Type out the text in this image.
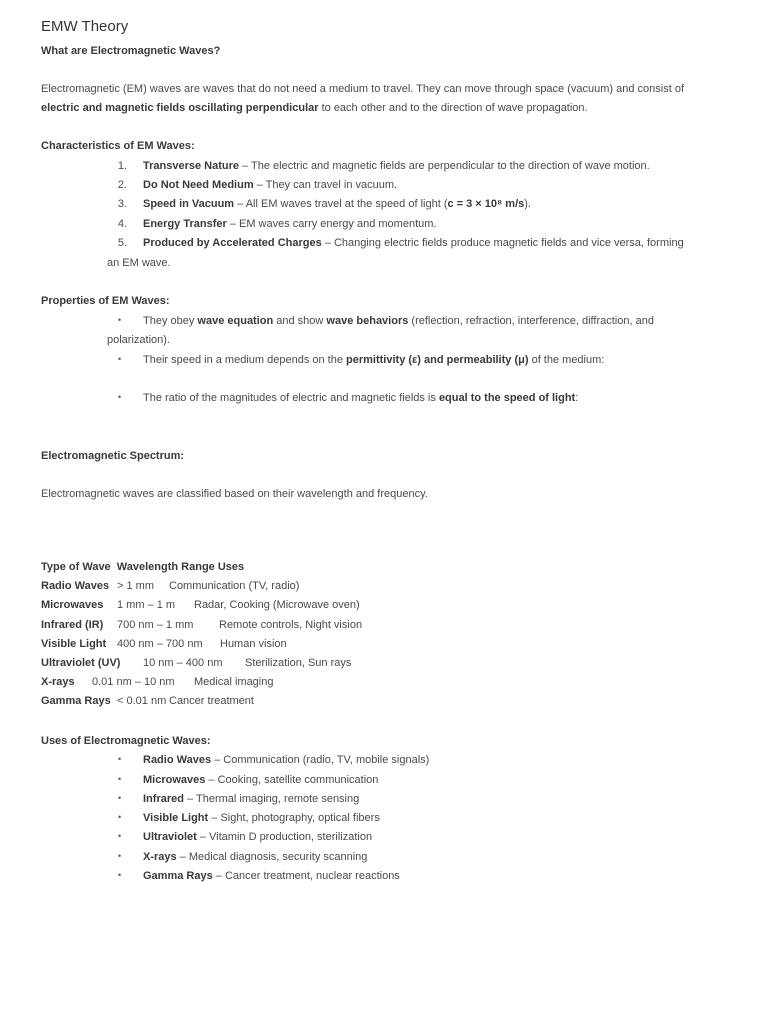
EMW Theory
What are Electromagnetic Waves?
Electromagnetic (EM) waves are waves that do not need a medium to travel. They can move through space (vacuum) and consist of
electric and magnetic fields oscillating perpendicular to each other and to the direction of wave propagation.
Characteristics of EM Waves:
1. Transverse Nature – The electric and magnetic fields are perpendicular to the direction of wave motion.
2. Do Not Need Medium – They can travel in vacuum.
3. Speed in Vacuum – All EM waves travel at the speed of light (c = 3 × 10⁸ m/s).
4. Energy Transfer – EM waves carry energy and momentum.
5. Produced by Accelerated Charges – Changing electric fields produce magnetic fields and vice versa, forming
an EM wave.
Properties of EM Waves:
• They obey wave equation and show wave behaviors (reflection, refraction, interference, diffraction, and
polarization).
• Their speed in a medium depends on the permittivity (ε) and permeability (μ) of the medium:
• The ratio of the magnitudes of electric and magnetic fields is equal to the speed of light:
Electromagnetic Spectrum:
Electromagnetic waves are classified based on their wavelength and frequency.
Type of Wave  Wavelength Range Uses
Radio Waves > 1 mm Communication (TV, radio)
Microwaves 1 mm – 1 m Radar, Cooking (Microwave oven)
Infrared (IR) 700 nm – 1 mm Remote controls, Night vision
Visible Light 400 nm – 700 nm Human vision
Ultraviolet (UV) 10 nm – 400 nm Sterilization, Sun rays
X-rays 0.01 nm – 10 nm Medical imaging
Gamma Rays < 0.01 nm Cancer treatment
Uses of Electromagnetic Waves:
• Radio Waves – Communication (radio, TV, mobile signals)
• Microwaves – Cooking, satellite communication
• Infrared – Thermal imaging, remote sensing
• Visible Light – Sight, photography, optical fibers
• Ultraviolet – Vitamin D production, sterilization
• X-rays – Medical diagnosis, security scanning
• Gamma Rays – Cancer treatment, nuclear reactions
